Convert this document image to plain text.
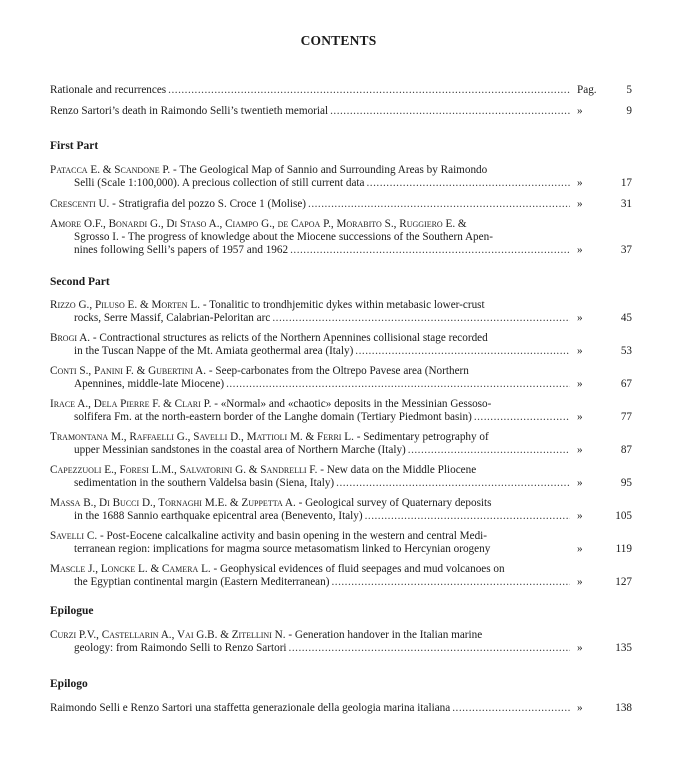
CONTENTS
Rationale and recurrences .....	Pag.	5
Renzo Sartori’s death in Raimondo Selli’s twentieth memorial .....	»	9
First Part
Patacca E. & Scandone P. - The Geological Map of Sannio and Surrounding Areas by Raimondo
Selli (Scale 1:100,000). A precious collection of still current data .....	»	17
Crescenti U. - Stratigrafia del pozzo S. Croce 1 (Molise) .....	»	31
Amore O.F., Bonardi G., Di Staso A., Ciampo G., de Capoa P., Morabito S., Ruggiero E. &
Sgrosso I. - The progress of knowledge about the Miocene successions of the Southern Apen-
nines following Selli’s papers of 1957 and 1962 .....	»	37
Second Part
Rizzo G., Piluso E. & Morten L. - Tonalitic to trondhjemitic dykes within metabasic lower-crust
rocks, Serre Massif, Calabrian-Peloritan arc .....	»	45
Brogi A. - Contractional structures as relicts of the Northern Apennines collisional stage recorded
in the Tuscan Nappe of the Mt. Amiata geothermal area (Italy) .....	»	53
Conti S., Panini F. & Gubertini A. - Seep-carbonates from the Oltrepo Pavese area (Northern
Apennines, middle-late Miocene) .....	»	67
Irace A., Dela Pierre F. & Clari P. - «Normal» and «chaotic» deposits in the Messinian Gessoso-
solfifera Fm. at the north-eastern border of the Langhe domain (Tertiary Piedmont basin) .....	»	77
Tramontana M., Raffaelli G., Savelli D., Mattioli M. & Ferri L. - Sedimentary petrography of
upper Messinian sandstones in the coastal area of Northern Marche (Italy) .....	»	87
Capezzuoli E., Foresi L.M., Salvatorini G. & Sandrelli F. - New data on the Middle Pliocene
sedimentation in the southern Valdelsa basin (Siena, Italy) .....	»	95
Massa B., Di Bucci D., Tornaghi M.E. & Zuppetta A. - Geological survey of Quaternary deposits
in the 1688 Sannio earthquake epicentral area (Benevento, Italy) .....	»	105
Savelli C. - Post-Eocene calcalkaline activity and basin opening in the western and central Medi-
terranean region: implications for magma source metasomatism linked to Hercynian orogeny	»	119
Mascle J., Loncke L. & Camera L. - Geophysical evidences of fluid seepages and mud volcanoes on
the Egyptian continental margin (Eastern Mediterranean) .....	»	127
Epilogue
Curzi P.V., Castellarin A., Vai G.B. & Zitellini N. - Generation handover in the Italian marine
geology: from Raimondo Selli to Renzo Sartori .....	»	135
Epilogo
Raimondo Selli e Renzo Sartori una staffetta generazionale della geologia marina italiana .....	»	138
